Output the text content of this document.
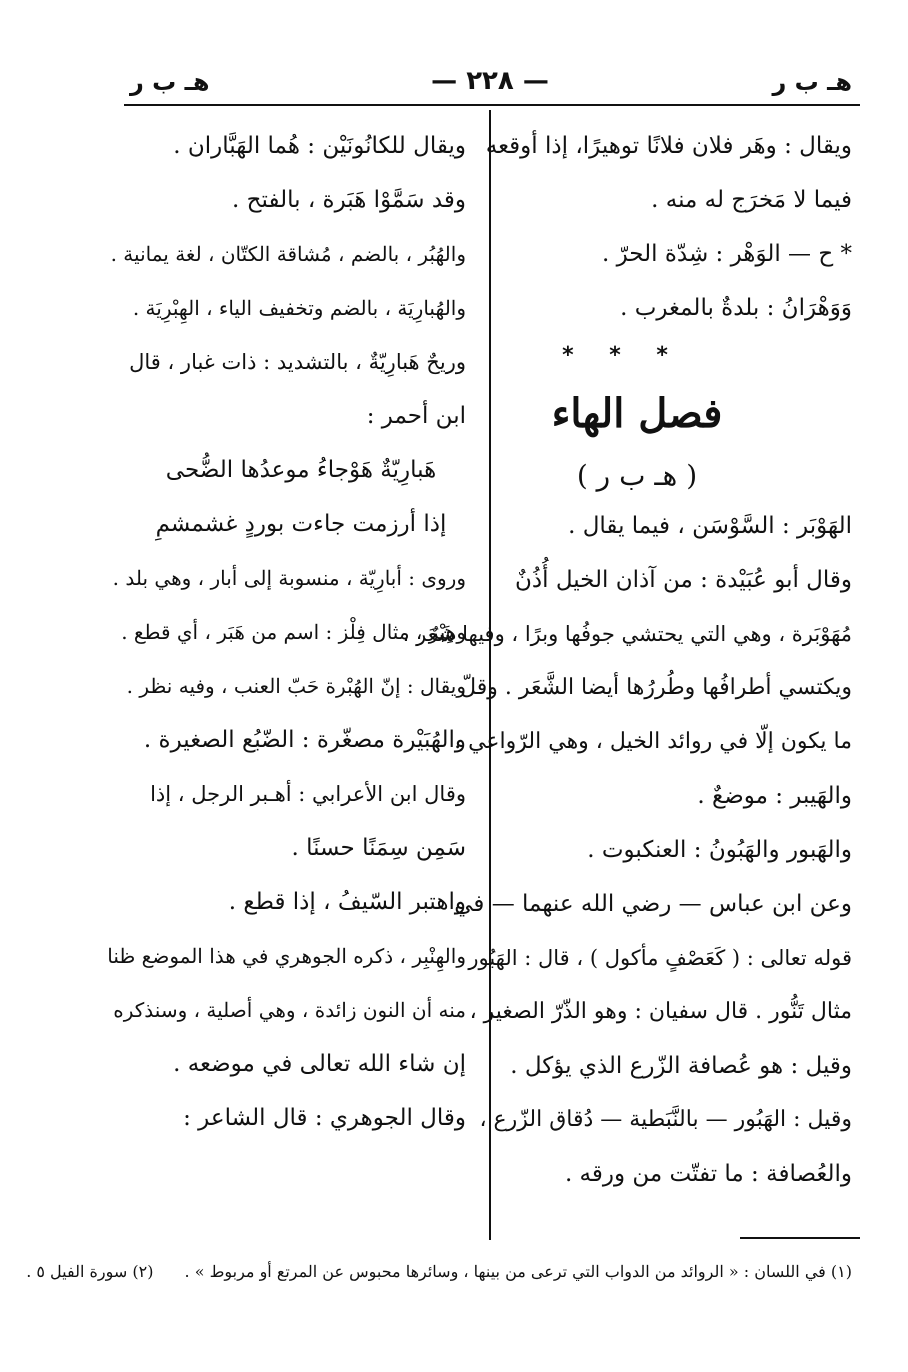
هـ ب ر
— ٢٢٨ —
هـ ب ر
ويقال : وهَر فلان فلانًا توهيرًا، إذا أوقعه
فيما لا مَخرَج له منه .
* ح — الوَهْر : شِدّة الحرّ .
وَوَهْرَانُ : بلدةٌ بالمغرب .
* * *
فصل الهاء
( هـ ب ر )
الهَوْبَر : السَّوْسَن ، فيما يقال .
وقال أبو عُبَيْدة : من آذان الخيل أُذُنٌ
مُهَوْبَرة ، وهي التي يحتشي جوفُها وبرًا ، وفيها شَعَر ،
ويكتسي أطرافُها وطُررُها أيضا الشَّعَر . وقلّ
ما يكون إلّا في روائد الخيل ، وهي الرّواعي .
والهَيبر : موضعٌ .
والهَبور والهَبُونُ : العنكبوت .
وعن ابن عباس — رضي الله عنهما — في
قوله تعالى : ( كَعَصْفٍ مأكول ) ، قال : الهَبُور
مثال تَنُّور . قال سفيان : وهو الذّرّ الصغير ،
وقيل : هو عُصافة الزّرع الذي يؤكل .
وقيل : الهَبُور — بالنَّبَطية — دُقاق الزّرع ،
والعُصافة : ما تفتّت من ورقه .
ويقال للكانُونَيْن : هُما الهَبَّاران .
وقد سَمَّوْا هَبَرة ، بالفتح .
والهُبُر ، بالضم ، مُشاقة الكتّان ، لغة يمانية .
والهُبارِيَة ، بالضم وتخفيف الياء ، الهِبْرِيَة .
وريحٌ هَبارِيّةٌ ، بالتشديد : ذات غبار ، قال
ابن أحمر :
هَبارِيّةٌ هَوْجاءُ موعدُها الضُّحى
إذا أرزمت جاءت بوردٍ غشمشمِ
وروى : أبارِيّة ، منسوبة إلى أبار ، وهي بلد .
وهِبْرٌ ، مثال فِلْز : اسم من هَبَر ، أي قطع .
ويقال : إنّ الهُبْرة حَبّ العنب ، وفيه نظر .
والهُبَيْرة مصغّرة : الضّبُع الصغيرة .
وقال ابن الأعرابي : أهـبر الرجل ، إذا
سَمِن سِمَنًا حسنًا .
واهتبر السّيفُ ، إذا قطع .
والهِنْبِر ، ذكره الجوهري في هذا الموضع ظنا
منه أن النون زائدة ، وهي أصلية ، وسنذكره
إن شاء الله تعالى في موضعه .
وقال الجوهري : قال الشاعر :
(١) في اللسان : « الروائد من الدواب التي ترعى من بينها ، وسائرها محبوس عن المرتع أو مربوط » . (٢) سورة الفيل ٥ .
